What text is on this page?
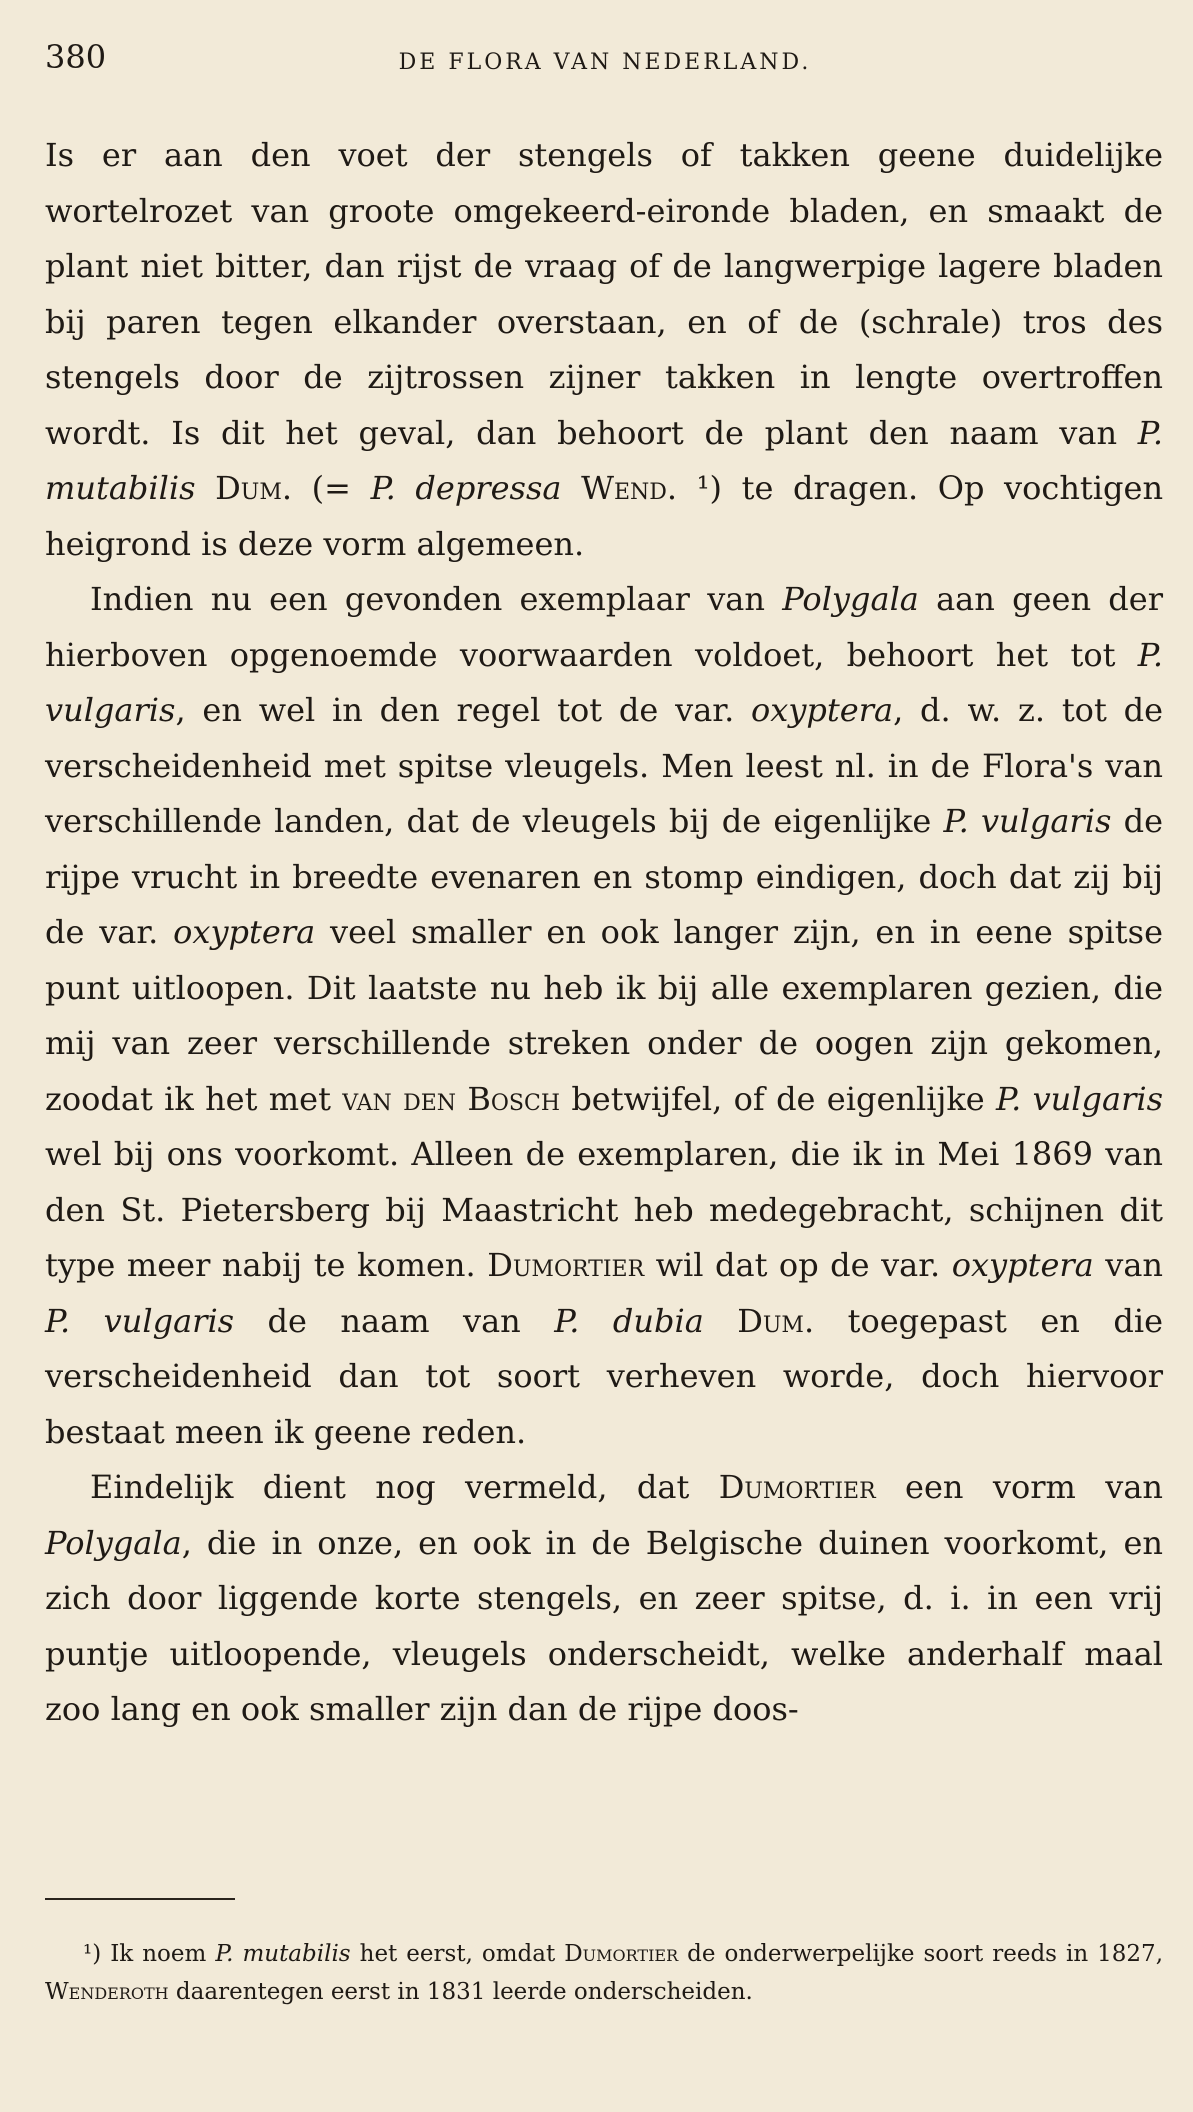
380	DE FLORA VAN NEDERLAND.

Is er aan den voet der stengels of takken geene duidelijke wortelrozet van groote omgekeerd-eironde bladen, en smaakt de plant niet bitter, dan rijst de vraag of de langwerpige lagere bladen bij paren tegen elkander overstaan, en of de (schrale) tros des stengels door de zijtrossen zijner takken in lengte overtroffen wordt. Is dit het geval, dan behoort de plant den naam van P. mutabilis Dum. (= P. depressa Wend. ¹) te dragen. Op vochtigen heigrond is deze vorm algemeen.

Indien nu een gevonden exemplaar van Polygala aan geen der hierboven opgenoemde voorwaarden voldoet, behoort het tot P. vulgaris, en wel in den regel tot de var. oxyptera, d. w. z. tot de verscheidenheid met spitse vleugels. Men leest nl. in de Flora's van verschillende landen, dat de vleugels bij de eigenlijke P. vulgaris de rijpe vrucht in breedte evenaren en stomp eindigen, doch dat zij bij de var. oxyptera veel smaller en ook langer zijn, en in eene spitse punt uitloopen. Dit laatste nu heb ik bij alle exemplaren gezien, die mij van zeer verschillende streken onder de oogen zijn gekomen, zoodat ik het met van den Bosch betwijfel, of de eigenlijke P. vulgaris wel bij ons voorkomt. Alleen de exemplaren, die ik in Mei 1869 van den St. Pietersberg bij Maastricht heb medegebracht, schijnen dit type meer nabij te komen. Dumortier wil dat op de var. oxyptera van P. vulgaris de naam van P. dubia Dum. toegepast en die verscheidenheid dan tot soort verheven worde, doch hiervoor bestaat meen ik geene reden.

Eindelijk dient nog vermeld, dat Dumortier een vorm van Polygala, die in onze, en ook in de Belgische duinen voorkomt, en zich door liggende korte stengels, en zeer spitse, d. i. in een vrij puntje uitloopende, vleugels onderscheidt, welke anderhalf maal zoo lang en ook smaller zijn dan de rijpe doos-

¹) Ik noem P. mutabilis het eerst, omdat Dumortier de onderwerpelijke soort reeds in 1827, Wenderoth daarentegen eerst in 1831 leerde onderscheiden.
